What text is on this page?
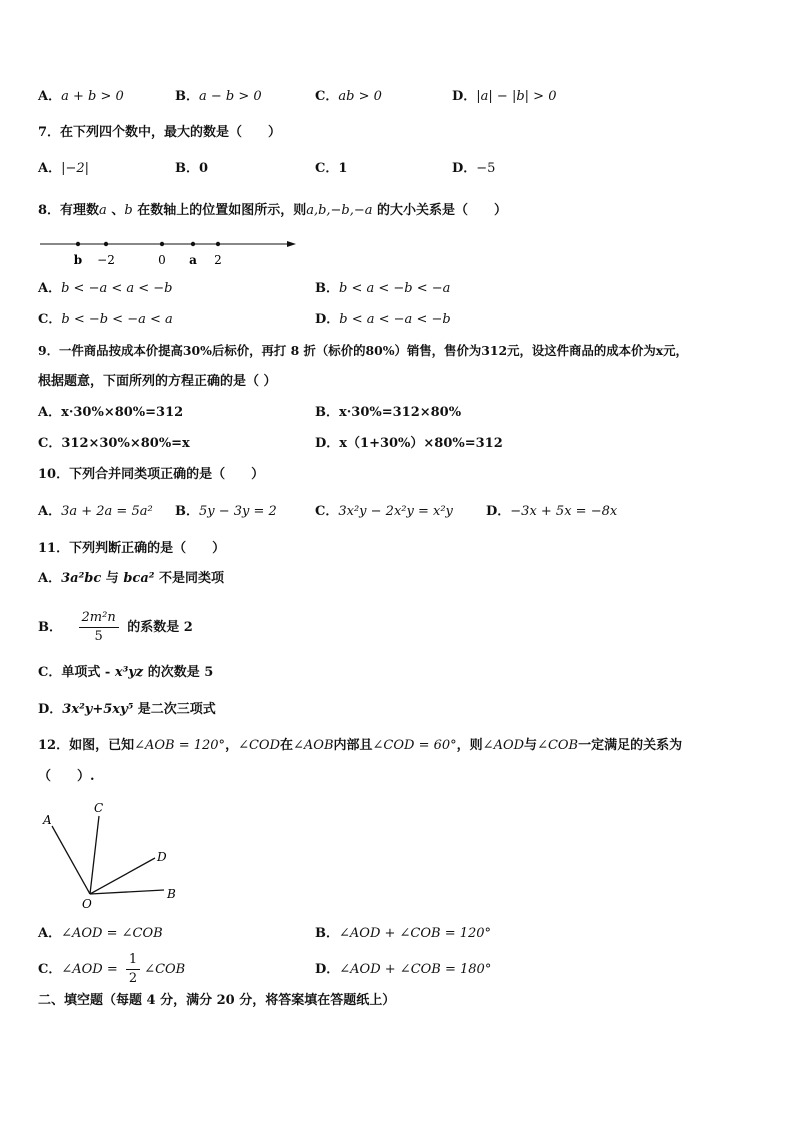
A．a + b > 0	B．a − b > 0	C．ab > 0	D．|a| − |b| > 0
7．在下列四个数中，最大的数是（　　）
A．|−2|	B．0	C．1	D．−5
8．有理数a 、b 在数轴上的位置如图所示，则a,b,−b,−a 的大小关系是（　　）
b −2	0 a 2
A．b < −a < a < −b	B．b < a < −b < −a
C．b < −b < −a < a	D．b < a < −a < −b
9．一件商品按成本价提高30%后标价，再打 8 折（标价的80%）销售，售价为312元，设这件商品的成本价为x元，
根据题意，下面所列的方程正确的是（ ）
A．x·30%×80%=312	B．x·30%=312×80%
C．312×30%×80%=x	D．x（1+30%）×80%=312
10．下列合并同类项正确的是（　　）
A．3a + 2a = 5a² B．5y − 3y = 2	C．3x²y − 2x²y = x²y	D．−3x + 5x = −8x
11．下列判断正确的是（　　）
A．3a²bc 与 bca² 不是同类项
B． $\frac{\text{2m²n}}{5}$ 的系数是 2
C．单项式 - x³yz 的次数是 5
D．3x²y+5xy⁵ 是二次三项式
12．如图，已知∠AOB = 120°，∠COD在∠AOB内部且∠COD = 60°，则∠AOD与∠COB一定满足的关系为
（　　）.
A
C
D
B
O
A．∠AOD = ∠COB	B．∠AOD + ∠COB = 120°
C．∠AOD = $\frac{1}{2}$ ∠COB	D．∠AOD + ∠COB = 180°
二、填空题（每题 4 分，满分 20 分，将答案填在答题纸上）
